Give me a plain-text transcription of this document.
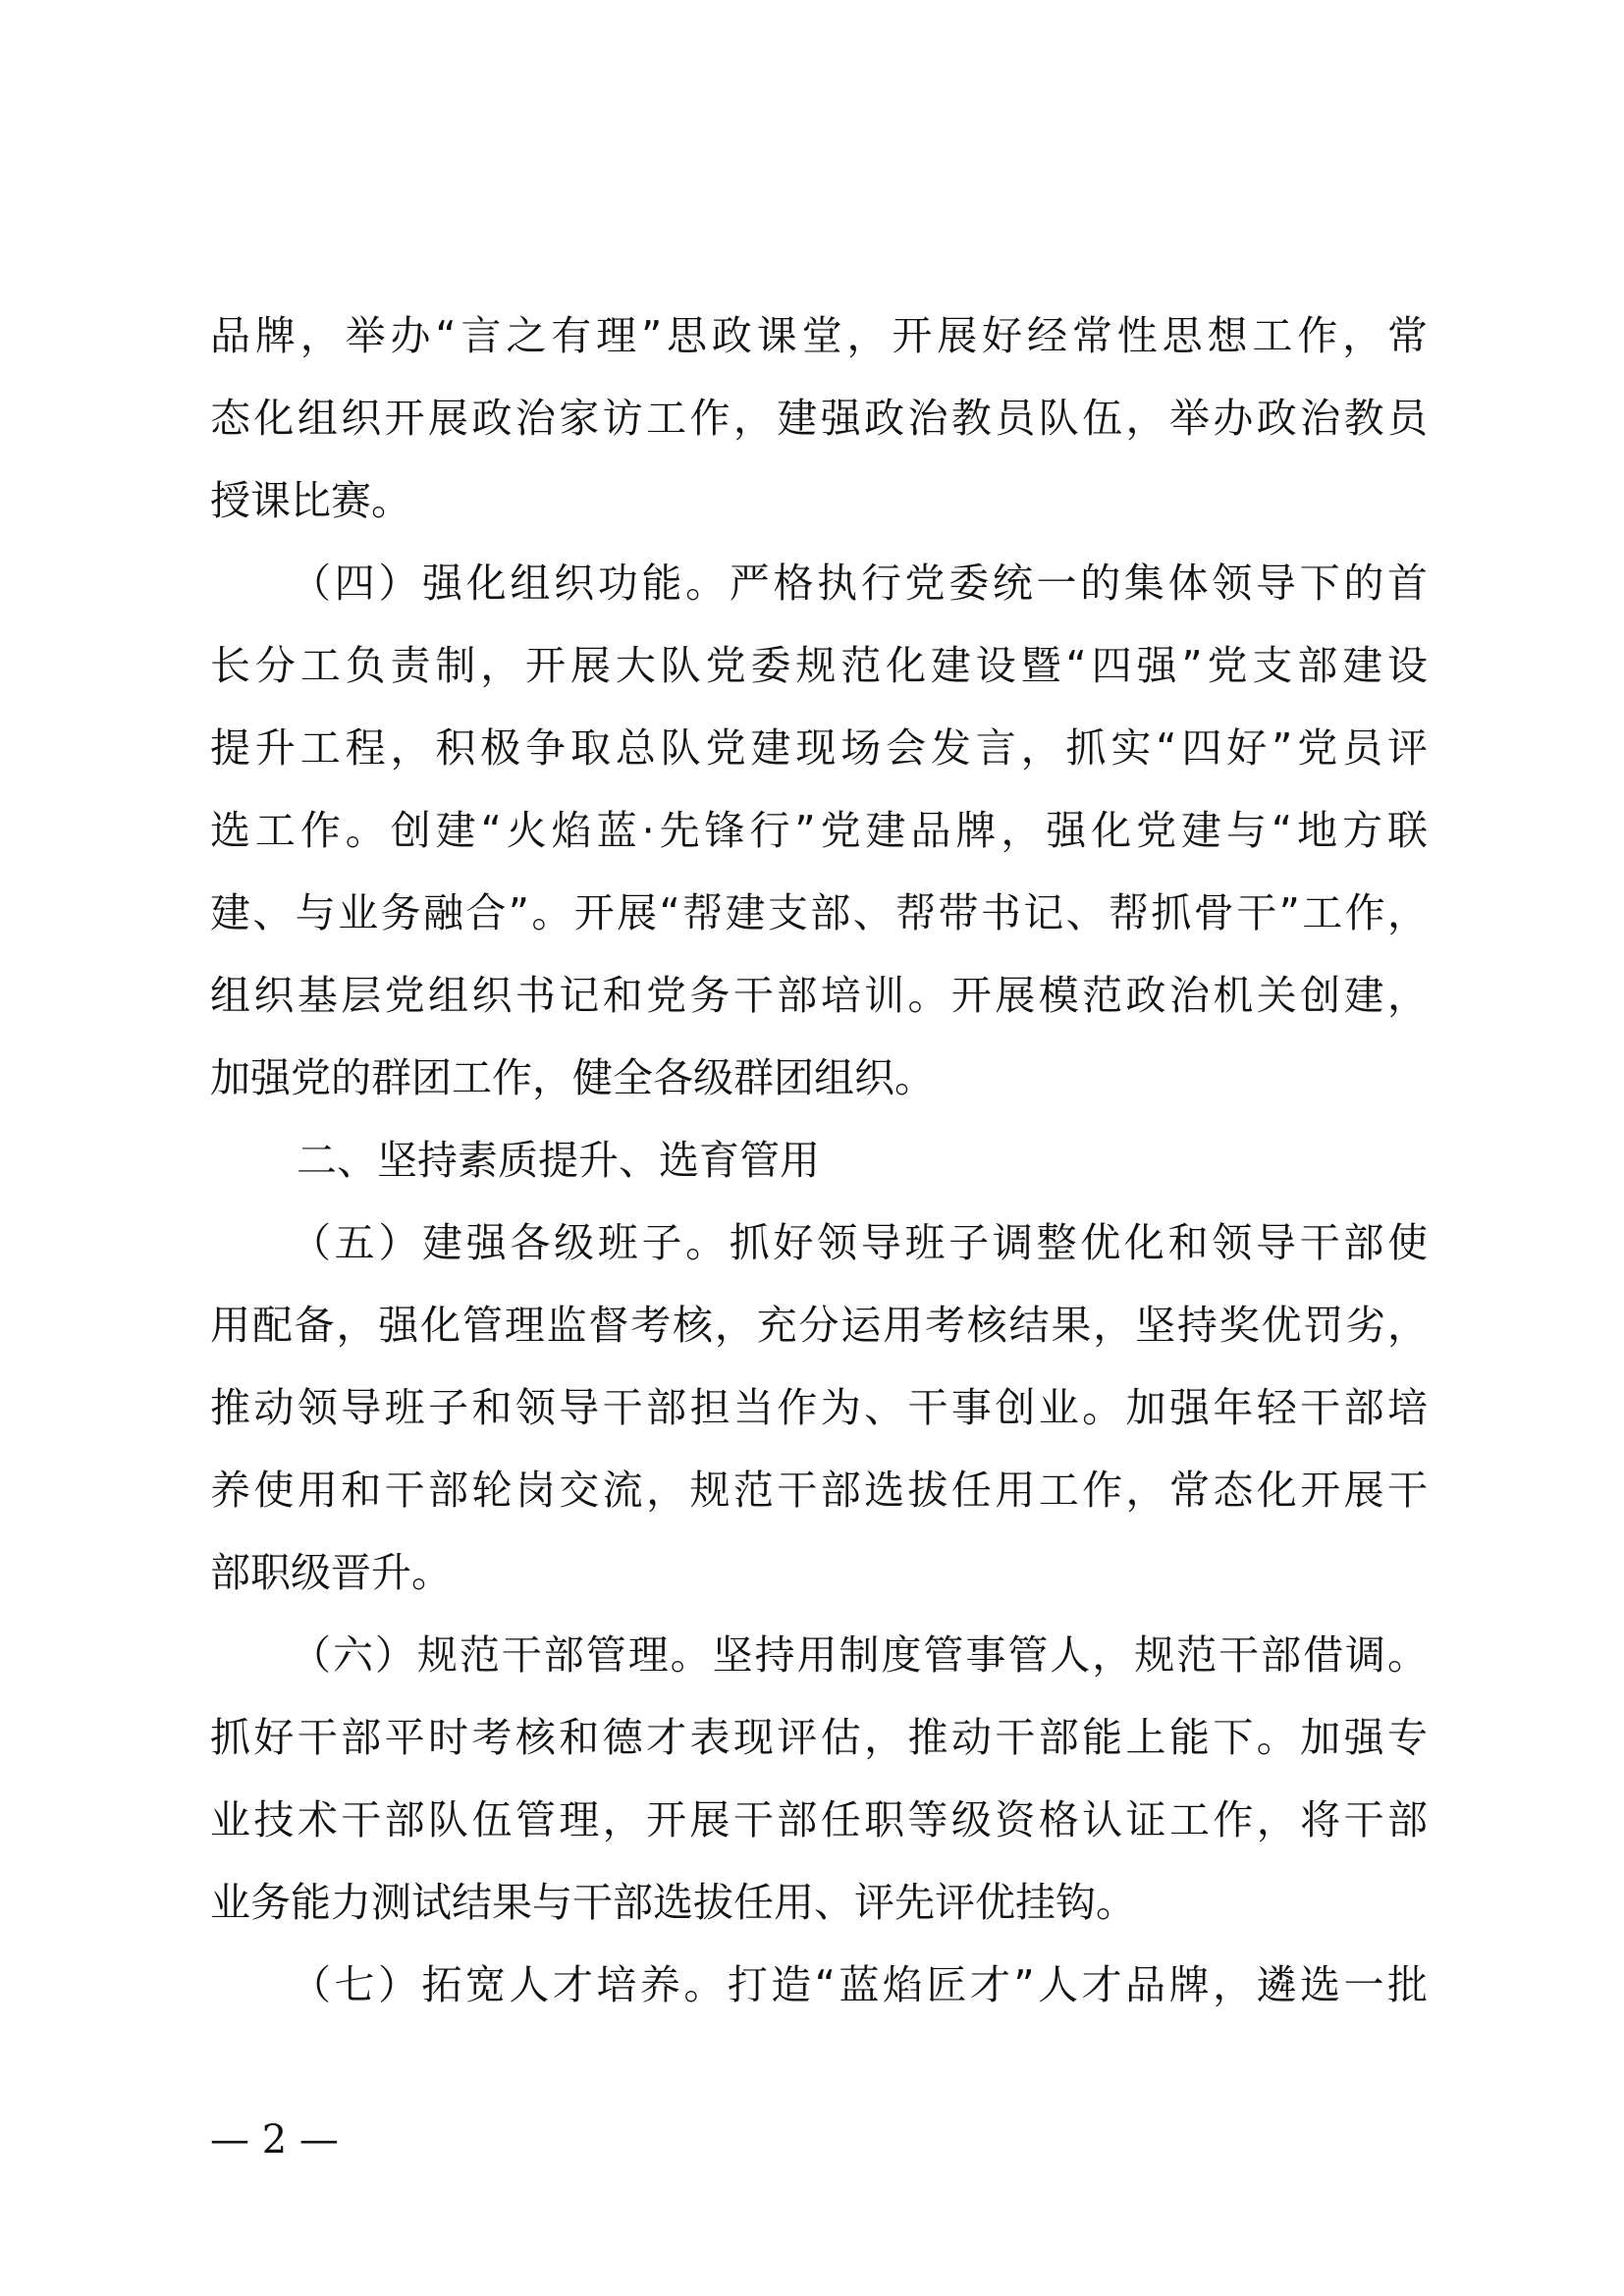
品牌，举办“言之有理”思政课堂，开展好经常性思想工作，常
态化组织开展政治家访工作，建强政治教员队伍，举办政治教员
授课比赛。
（四）强化组织功能。严格执行党委统一的集体领导下的首
长分工负责制，开展大队党委规范化建设暨“四强”党支部建设
提升工程，积极争取总队党建现场会发言，抓实“四好”党员评
选工作。创建“火焰蓝·先锋行”党建品牌，强化党建与“地方联
建、与业务融合”。开展“帮建支部、帮带书记、帮抓骨干”工作，
组织基层党组织书记和党务干部培训。开展模范政治机关创建，
加强党的群团工作，健全各级群团组织。
二、坚持素质提升、选育管用
（五）建强各级班子。抓好领导班子调整优化和领导干部使
用配备，强化管理监督考核，充分运用考核结果，坚持奖优罚劣，
推动领导班子和领导干部担当作为、干事创业。加强年轻干部培
养使用和干部轮岗交流，规范干部选拔任用工作，常态化开展干
部职级晋升。
（六）规范干部管理。坚持用制度管事管人，规范干部借调。
抓好干部平时考核和德才表现评估，推动干部能上能下。加强专
业技术干部队伍管理，开展干部任职等级资格认证工作，将干部
业务能力测试结果与干部选拔任用、评先评优挂钩。
（七）拓宽人才培养。打造“蓝焰匠才”人才品牌，遴选一批
— 2 —
